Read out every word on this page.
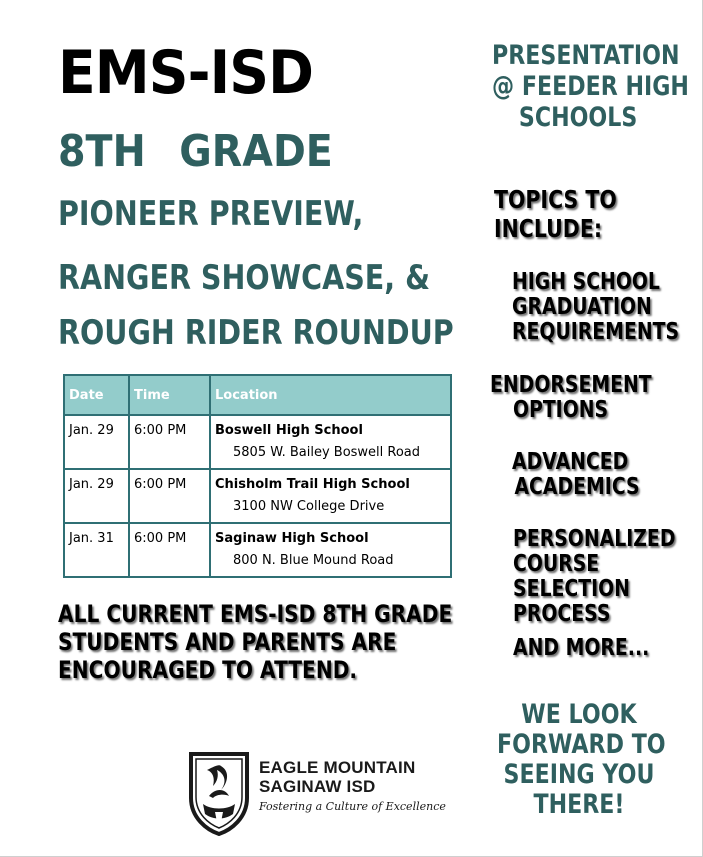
EMS-ISD
8TH GRADE
PIONEER PREVIEW,
RANGER SHOWCASE, &
ROUGH RIDER ROUNDUP
Date	Time	Location
Jan. 29	6:00 PM	Boswell High School
5805 W. Bailey Boswell Road

Jan. 29	6:00 PM	Chisholm Trail High School
3100 NW College Drive

Jan. 31	6:00 PM	Saginaw High School
800 N. Blue Mound Road
ALL CURRENT EMS-ISD 8TH GRADE
STUDENTS AND PARENTS ARE
ENCOURAGED TO ATTEND.
PRESENTATION
@ FEEDER HIGH
SCHOOLS
TOPICS TO
INCLUDE:
HIGH SCHOOL
GRADUATION
REQUIREMENTS
ENDORSEMENT
OPTIONS
ADVANCED
ACADEMICS
PERSONALIZED
COURSE
SELECTION
PROCESS
AND MORE...
WE LOOK
FORWARD TO
SEEING YOU
THERE!
EAGLE MOUNTAIN
SAGINAW ISD
Fostering a Culture of Excellence
